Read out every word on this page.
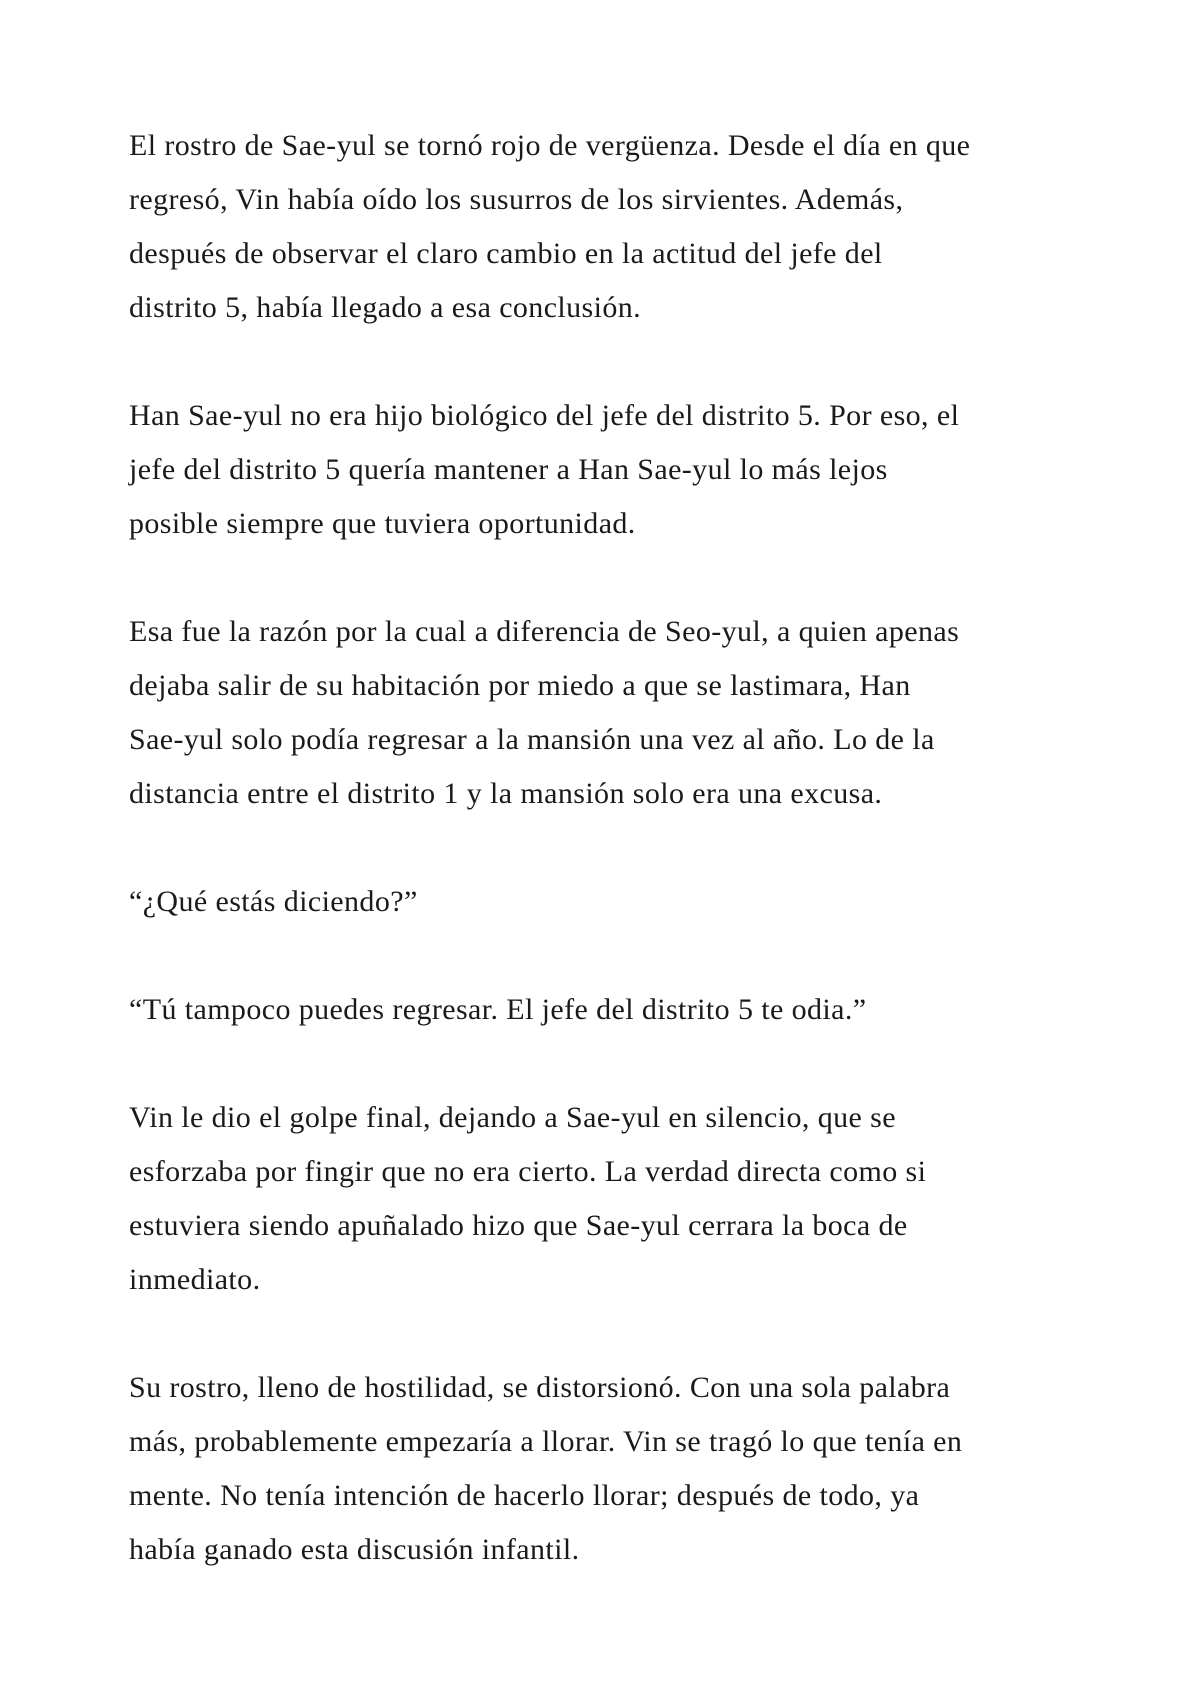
El rostro de Sae-yul se tornó rojo de vergüenza. Desde el día en que
regresó, Vin había oído los susurros de los sirvientes. Además,
después de observar el claro cambio en la actitud del jefe del
distrito 5, había llegado a esa conclusión.

Han Sae-yul no era hijo biológico del jefe del distrito 5. Por eso, el
jefe del distrito 5 quería mantener a Han Sae-yul lo más lejos
posible siempre que tuviera oportunidad.

Esa fue la razón por la cual a diferencia de Seo-yul, a quien apenas
dejaba salir de su habitación por miedo a que se lastimara, Han
Sae-yul solo podía regresar a la mansión una vez al año. Lo de la
distancia entre el distrito 1 y la mansión solo era una excusa.

“¿Qué estás diciendo?”

“Tú tampoco puedes regresar. El jefe del distrito 5 te odia.”

Vin le dio el golpe final, dejando a Sae-yul en silencio, que se
esforzaba por fingir que no era cierto. La verdad directa como si
estuviera siendo apuñalado hizo que Sae-yul cerrara la boca de
inmediato.

Su rostro, lleno de hostilidad, se distorsionó. Con una sola palabra
más, probablemente empezaría a llorar. Vin se tragó lo que tenía en
mente. No tenía intención de hacerlo llorar; después de todo, ya
había ganado esta discusión infantil.
